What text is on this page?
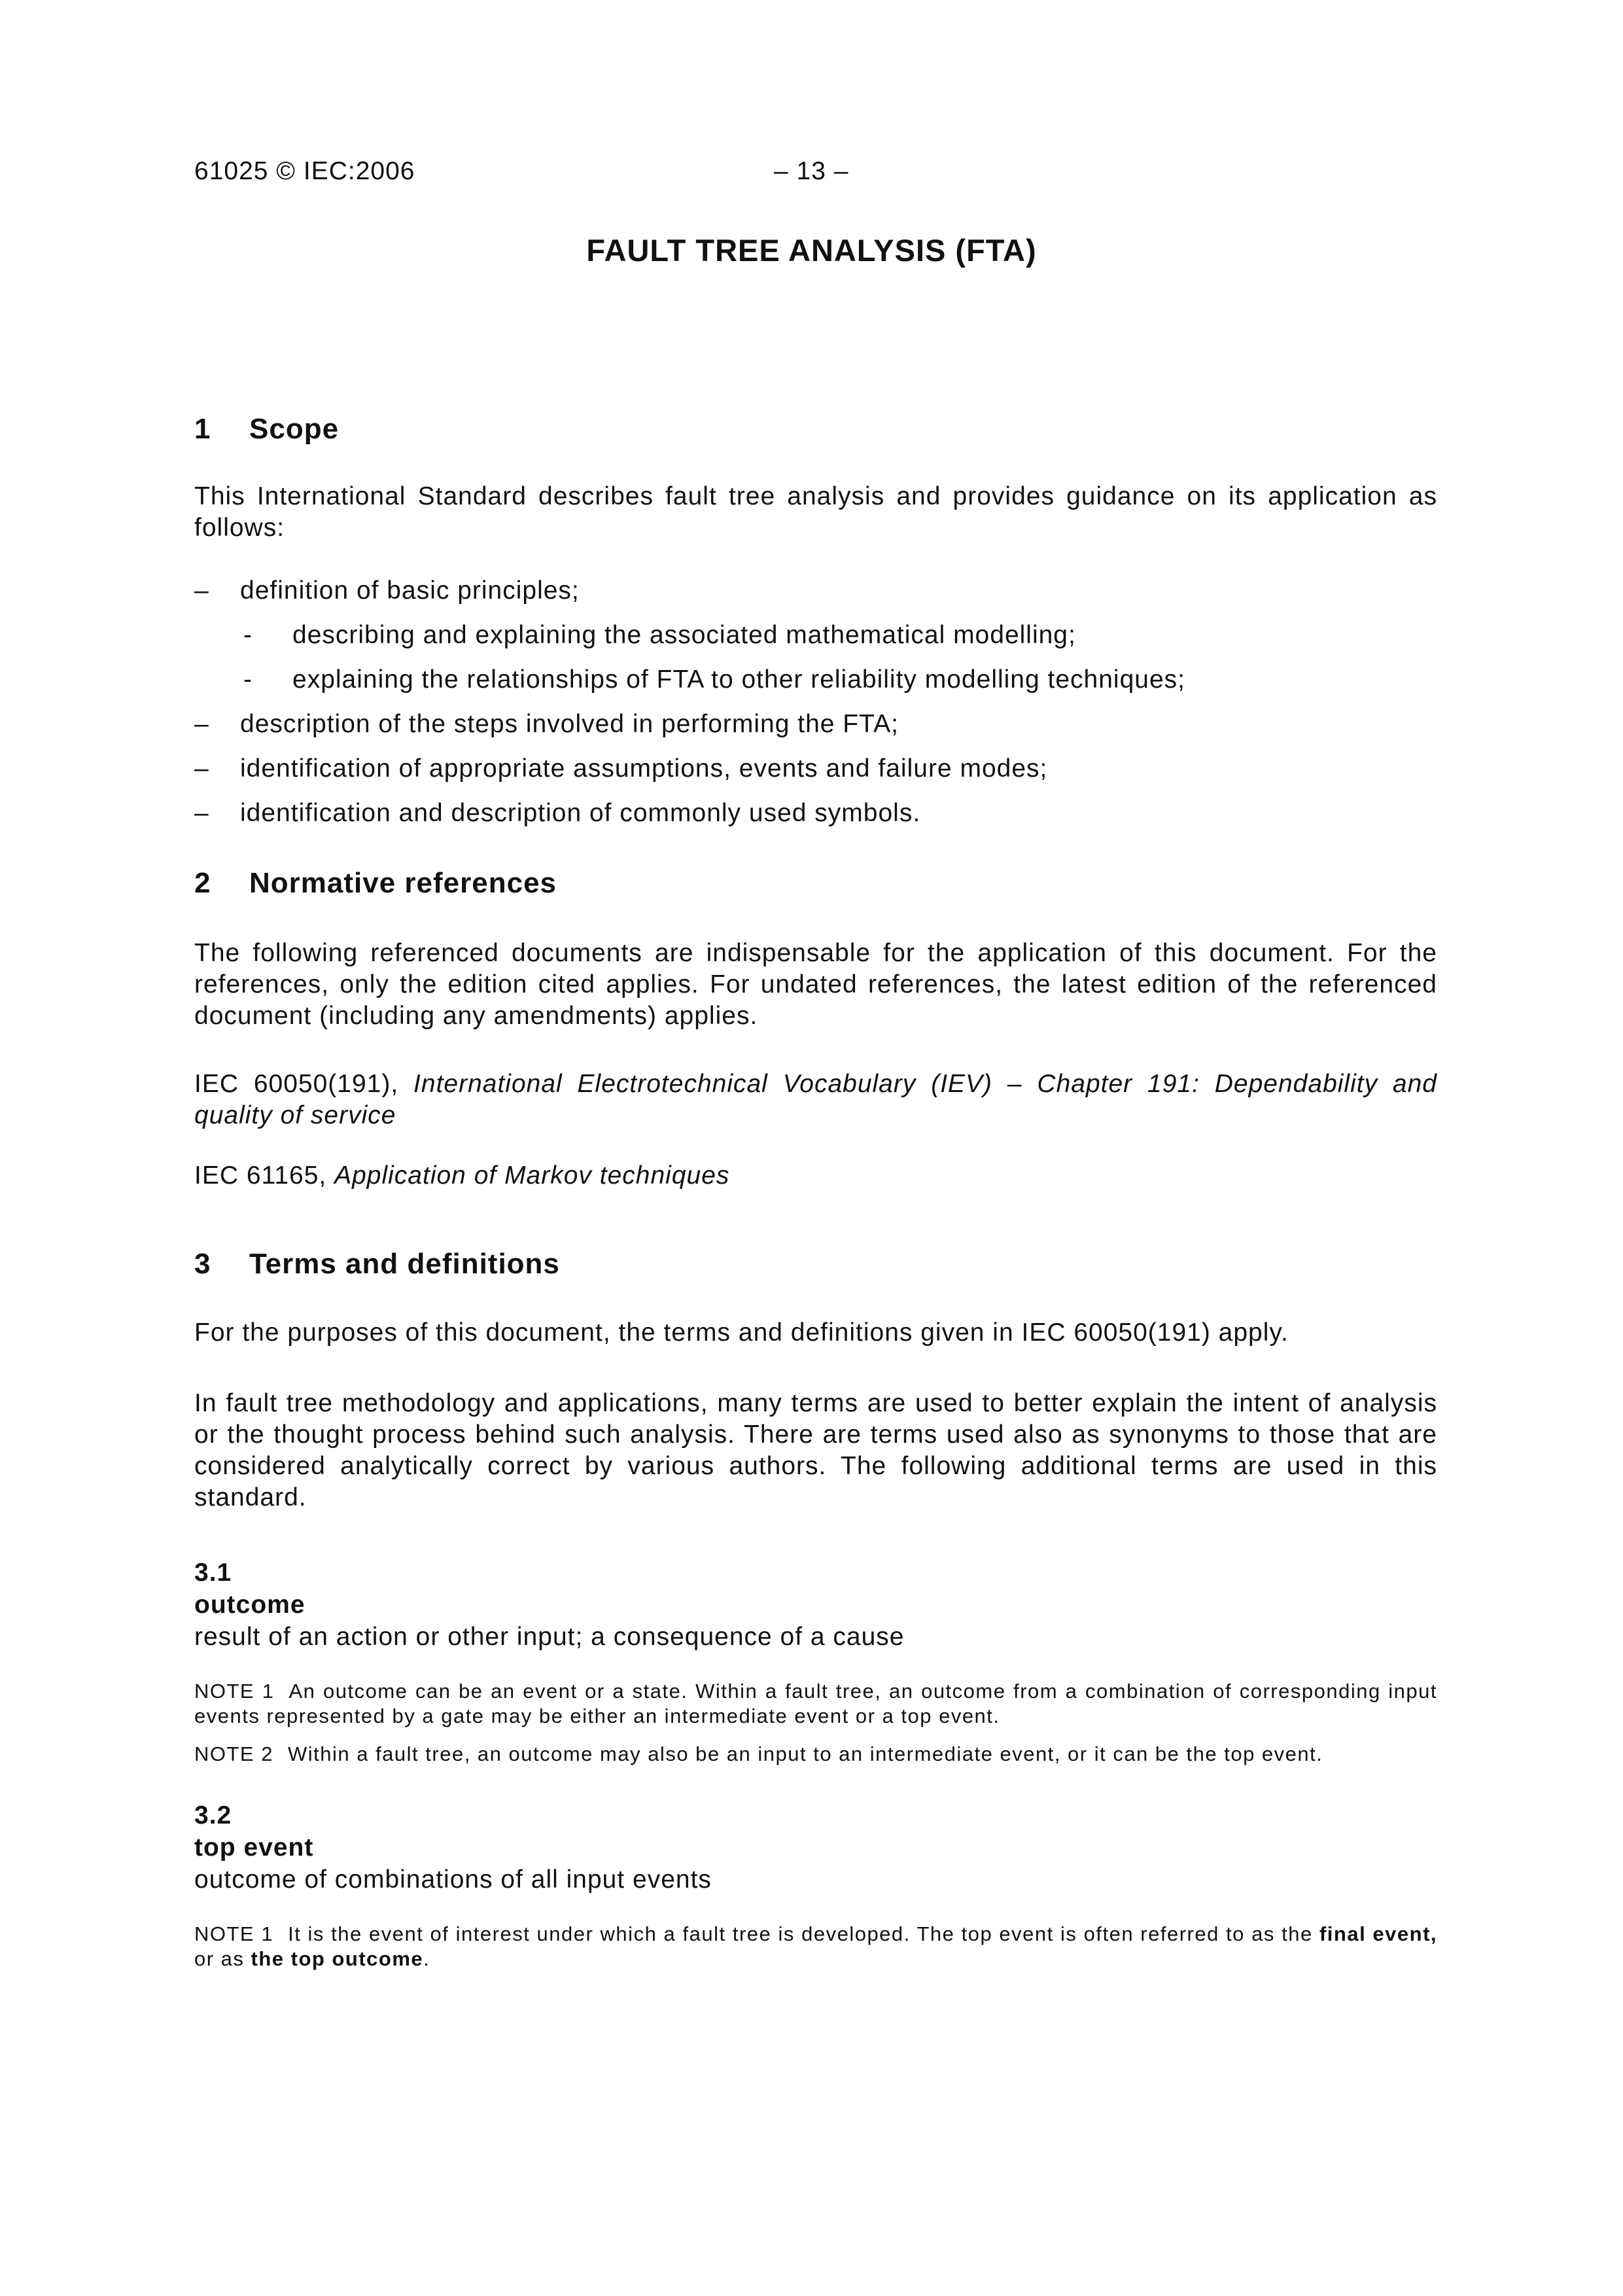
61025 © IEC:2006	– 13 –
FAULT TREE ANALYSIS (FTA)
1 Scope

This International Standard describes fault tree analysis and provides guidance on its application as follows:

– definition of basic principles;
- describing and explaining the associated mathematical modelling;
- explaining the relationships of FTA to other reliability modelling techniques;
– description of the steps involved in performing the FTA;
– identification of appropriate assumptions, events and failure modes;
– identification and description of commonly used symbols.
2 Normative references

The following referenced documents are indispensable for the application of this document. For the references, only the edition cited applies. For undated references, the latest edition of the referenced document (including any amendments) applies.

IEC 60050(191), International Electrotechnical Vocabulary (IEV) – Chapter 191: Dependability and quality of service

IEC 61165, Application of Markov techniques

3 Terms and definitions

For the purposes of this document, the terms and definitions given in IEC 60050(191) apply.

In fault tree methodology and applications, many terms are used to better explain the intent of analysis or the thought process behind such analysis. There are terms used also as synonyms to those that are considered analytically correct by various authors. The following additional terms are used in this standard.

3.1
outcome
result of an action or other input; a consequence of a cause

NOTE 1 An outcome can be an event or a state. Within a fault tree, an outcome from a combination of corresponding input events represented by a gate may be either an intermediate event or a top event.

NOTE 2 Within a fault tree, an outcome may also be an input to an intermediate event, or it can be the top event.

3.2
top event
outcome of combinations of all input events

NOTE 1 It is the event of interest under which a fault tree is developed. The top event is often referred to as the final event, or as the top outcome.
